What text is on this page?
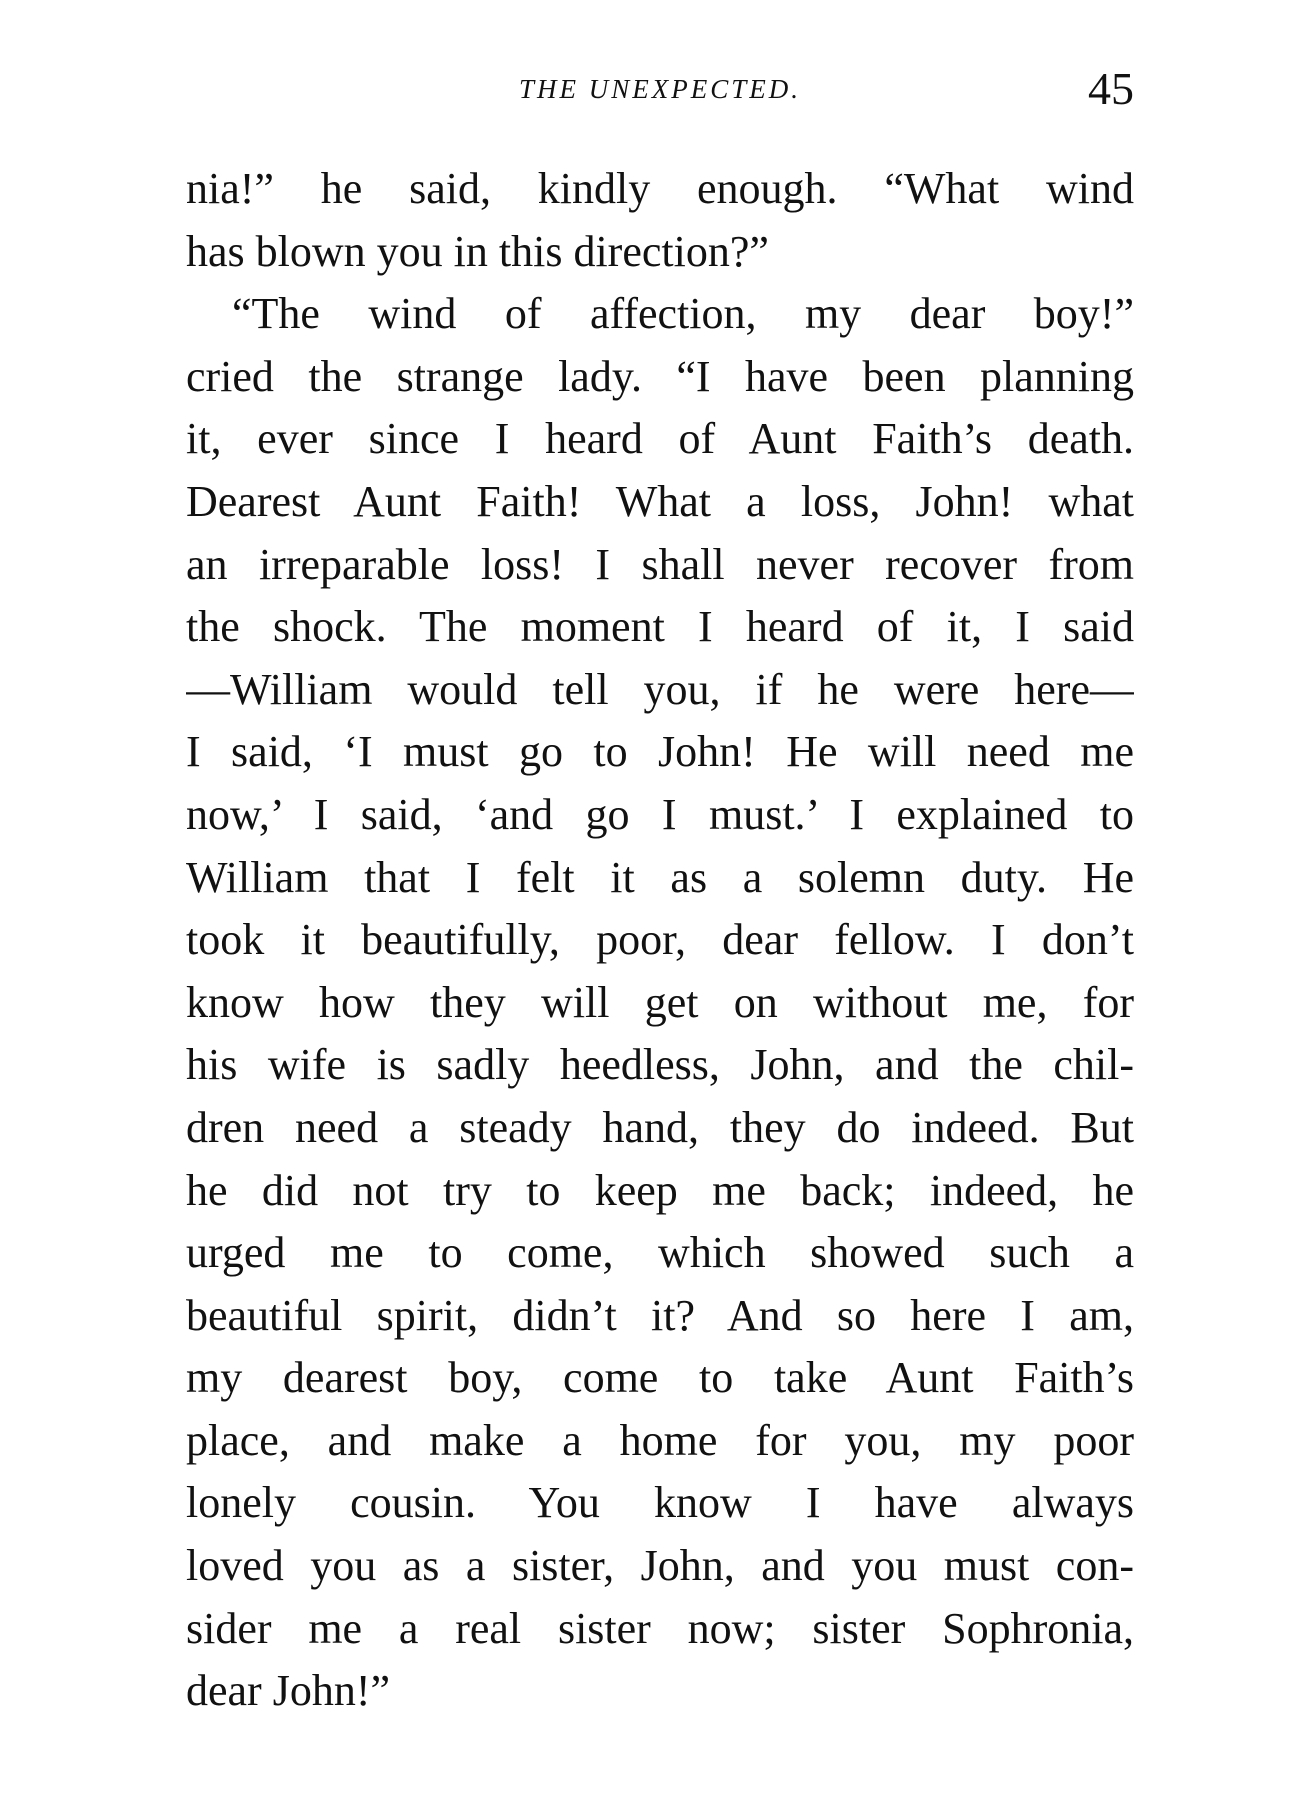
THE UNEXPECTED.	45
nia!” he said, kindly enough. “What wind
has blown you in this direction?”
“The wind of affection, my dear boy!”
cried the strange lady. “I have been planning
it, ever since I heard of Aunt Faith’s death.
Dearest Aunt Faith! What a loss, John! what
an irreparable loss! I shall never recover from
the shock. The moment I heard of it, I said
—William would tell you, if he were here—
I said, ‘I must go to John! He will need me
now,’ I said, ‘and go I must.’ I explained to
William that I felt it as a solemn duty. He
took it beautifully, poor, dear fellow. I don’t
know how they will get on without me, for
his wife is sadly heedless, John, and the chil-
dren need a steady hand, they do indeed. But
he did not try to keep me back; indeed, he
urged me to come, which showed such a
beautiful spirit, didn’t it? And so here I am,
my dearest boy, come to take Aunt Faith’s
place, and make a home for you, my poor
lonely cousin. You know I have always
loved you as a sister, John, and you must con-
sider me a real sister now; sister Sophronia,
dear John!”
